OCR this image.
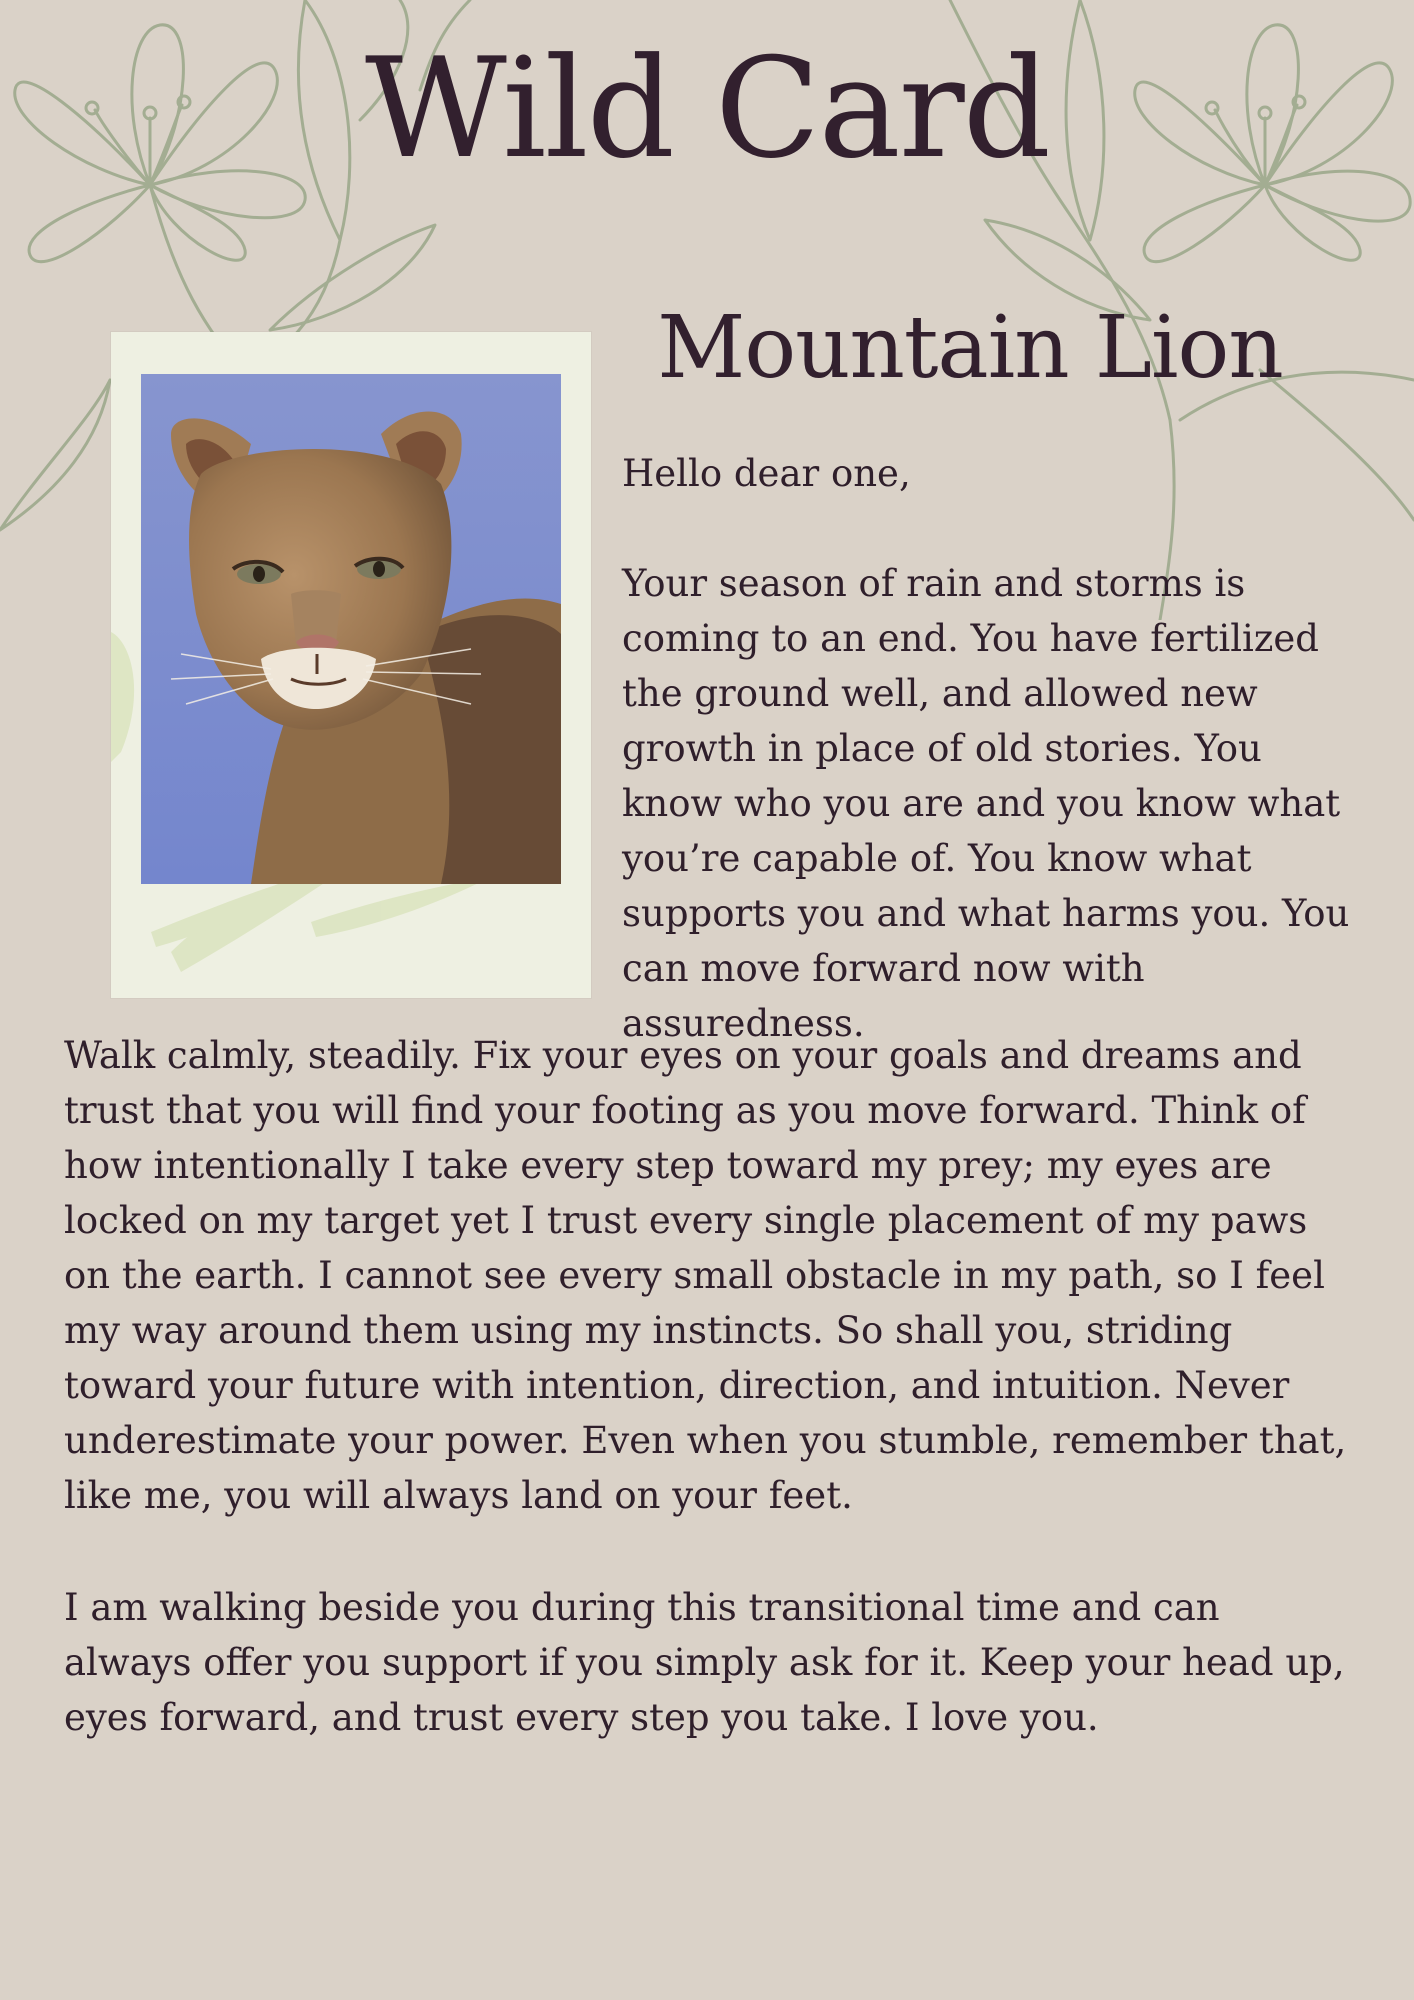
Wild Card
Mountain Lion

Hello dear one,

Your season of rain and storms is coming to an end. You have fertilized the ground well, and allowed new growth in place of old stories. You know who you are and you know what you’re capable of. You know what supports you and what harms you. You can move forward now with assuredness.

Walk calmly, steadily. Fix your eyes on your goals and dreams and trust that you will find your footing as you move forward. Think of how intentionally I take every step toward my prey; my eyes are locked on my target yet I trust every single placement of my paws on the earth. I cannot see every small obstacle in my path, so I feel my way around them using my instincts. So shall you, striding toward your future with intention, direction, and intuition. Never underestimate your power. Even when you stumble, remember that, like me, you will always land on your feet.

I am walking beside you during this transitional time and can always offer you support if you simply ask for it. Keep your head up, eyes forward, and trust every step you take. I love you.
